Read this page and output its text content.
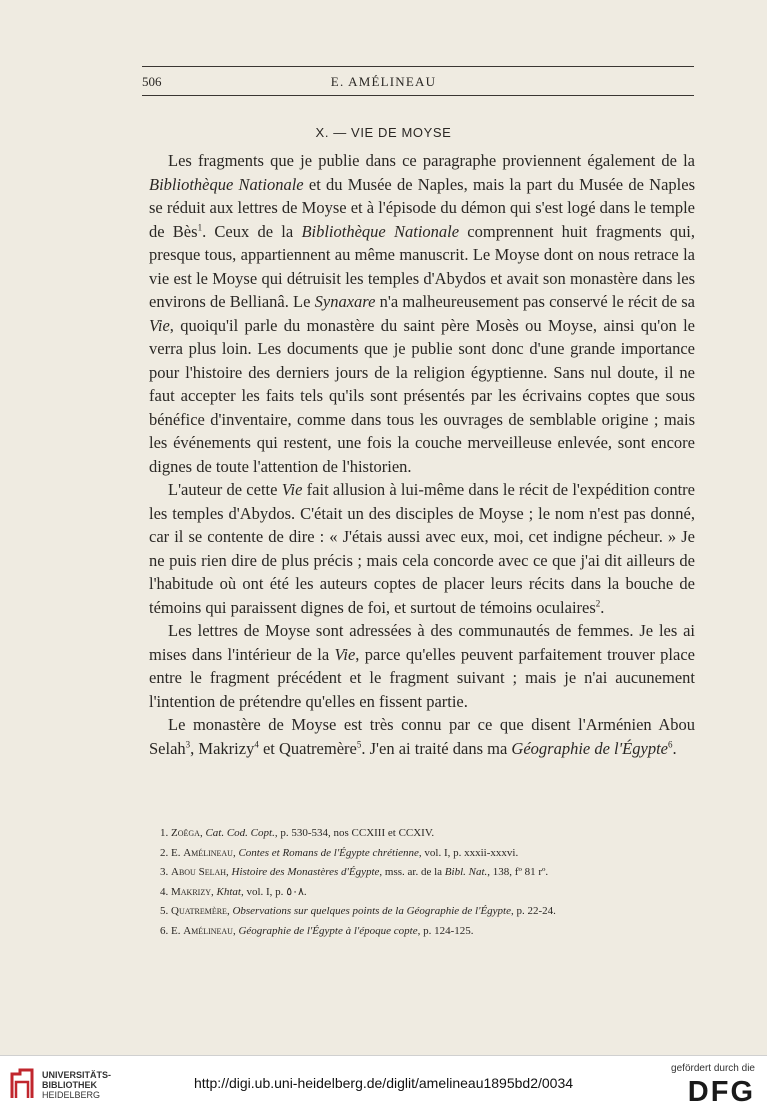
506	E. AMÉLINEAU
X. — VIE DE MOYSE

Les fragments que je publie dans ce paragraphe proviennent également de la Bibliothèque Nationale et du Musée de Naples, mais la part du Musée de Naples se réduit aux lettres de Moyse et à l'épisode du démon qui s'est logé dans le temple de Bès$^1$. Ceux de la Bibliothèque Nationale comprennent huit fragments qui, presque tous, appartiennent au même manuscrit. Le Moyse dont on nous retrace la vie est le Moyse qui détruisit les temples d'Abydos et avait son monastère dans les environs de Bellianâ. Le Synaxare n'a malheureusement pas conservé le récit de sa Vie, quoiqu'il parle du monastère du saint père Mosès ou Moyse, ainsi qu'on le verra plus loin. Les documents que je publie sont donc d'une grande importance pour l'histoire des derniers jours de la religion égyptienne. Sans nul doute, il ne faut accepter les faits tels qu'ils sont présentés par les écrivains coptes que sous bénéfice d'inventaire, comme dans tous les ouvrages de semblable origine ; mais les événements qui restent, une fois la couche merveilleuse enlevée, sont encore dignes de toute l'attention de l'historien.

L'auteur de cette Vie fait allusion à lui-même dans le récit de l'expédition contre les temples d'Abydos. C'était un des disciples de Moyse ; le nom n'est pas donné, car il se contente de dire : « J'étais aussi avec eux, moi, cet indigne pécheur. » Je ne puis rien dire de plus précis ; mais cela concorde avec ce que j'ai dit ailleurs de l'habitude où ont été les auteurs coptes de placer leurs récits dans la bouche de témoins qui paraissent dignes de foi, et surtout de témoins oculaires$^2$.

Les lettres de Moyse sont adressées à des communautés de femmes. Je les ai mises dans l'intérieur de la Vie, parce qu'elles peuvent parfaitement trouver place entre le fragment précédent et le fragment suivant ; mais je n'ai aucunement l'intention de prétendre qu'elles en fissent partie.

Le monastère de Moyse est très connu par ce que disent l'Arménien Abou Selah$^3$, Makrizy$^4$ et Quatremère$^5$. J'en ai traité dans ma Géographie de l'Égypte$^6$.

1. Zoëga, Cat. Cod. Copt., p. 530-534, nos CCXIII et CCXIV.
2. E. Amélineau, Contes et Romans de l'Égypte chrétienne, vol. I, p. xxxii-xxxvi.
3. Abou Selah, Histoire des Monastères d'Égypte, mss. ar. de la Bibl. Nat., 138, fº 81 rº.
4. Makrizy, Khtat, vol. I, p. ٥٠٨.
5. Quatremère, Observations sur quelques points de la Géographie de l'Égypte, p. 22-24.
6. E. Amélineau, Géographie de l'Égypte à l'époque copte, p. 124-125.
UNIVERSITÄTS-
BIBLIOTHEK
HEIDELBERG
http://digi.ub.uni-heidelberg.de/diglit/amelineau1895bd2/0034
gefördert durch die
DFG
